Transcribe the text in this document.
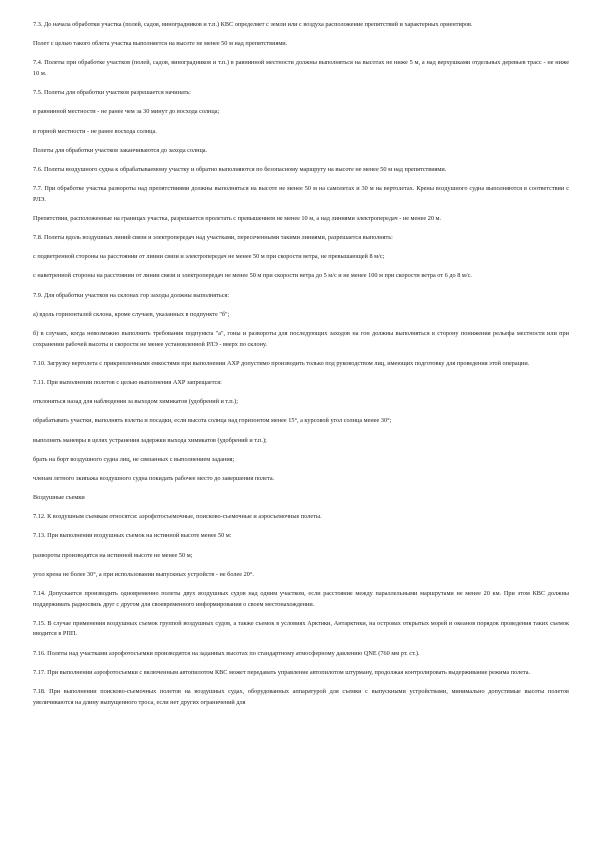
7.3. До начала обработки участка (полей, садов, виноградников и т.п.) КВС определяет с земли или с воздуха расположение препятствий и характерных ориентиров.

Полет с целью такого облета участка выполняется на высоте не менее 50 м над препятствиями.

7.4. Полеты при обработке участков (полей, садов, виноградников и т.п.) в равнинной местности должны выполняться на высотах не ниже 5 м, а над верхушками отдельных деревьев трасс - не ниже 10 м.

7.5. Полеты для обработки участков разрешается начинать:

в равнинной местности - не ранее чем за 30 минут до восхода солнца;

в горной местности - не ранее восхода солнца.

Полеты для обработки участков заканчиваются до захода солнца.

7.6. Полеты воздушного судна к обрабатываемому участку и обратно выполняются по безопасному маршруту на высоте не менее 50 м над препятствиями.

7.7. При обработке участка развороты над препятствиями должны выполняться на высоте не менее 50 м на самолетах и 30 м на вертолетах. Крены воздушного судна выполняются в соответствии с РЛЭ.

Препятствия, расположенные на границах участка, разрешается пролетать с превышением не менее 10 м, а над линиями электропередач - не менее 20 м.

7.8. Полеты вдоль воздушных линий связи и электропередач над участками, пересеченными такими линиями, разрешается выполнять:

с подветренной стороны на расстоянии от линии связи и электропередач не менее 50 м при скорости ветра, не превышающей 8 м/с;

с наветренной стороны на расстоянии от линии связи и электропередач не менее 50 м при скорости ветра до 5 м/с и не менее 100 м при скорости ветра от 6 до 8 м/с.

7.9. Для обработки участков на склонах гор заходы должны выполняться:

а) вдоль горизонталей склона, кроме случаев, указанных в подпункте "б";

б) в случаях, когда невозможно выполнить требования подпункта "а", гоны и развороты для последующих заходов на гон должны выполняться в сторону понижения рельефа местности или при сохранении рабочей высоты и скорости не менее установленной РЛЭ - вверх по склону.

7.10. Загрузку вертолета с прикрепленными емкостями при выполнении АХР допустимо производить только под руководством лиц, имеющих подготовку для проведения этой операции.

7.11. При выполнении полетов с целью выполнения АХР запрещается:

отклоняться назад для наблюдения за выходом химикатов (удобрений и т.п.);

обрабатывать участки, выполнять взлеты и посадки, если высота солнца над горизонтом менее 15°, а курсовой угол солнца менее 30°;

выполнять маневры в целях устранения задержки выхода химикатов (удобрений и т.п.);

брать на борт воздушного судна лиц, не связанных с выполнением задания;

членам летного экипажа воздушного судна покидать рабочее место до завершения полета.

Воздушные съемки

7.12. К воздушным съемкам относятся: аэрофотосъемочные, поисково-съемочные и аэросъемочные полеты.

7.13. При выполнении воздушных съемок на истинной высоте менее 50 м:

развороты производятся на истинной высоте не менее 50 м;

угол крена не более 30°, а при использовании выпускных устройств - не более 20°.

7.14. Допускается производить одновременно полеты двух воздушных судов над одним участком, если расстояние между параллельными маршрутами не менее 20 км. При этом КВС должны поддерживать радиосвязь друг с другом для своевременного информирования о своем местонахождении.

7.15. В случае применения воздушных съемок группой воздушных судов, а также съемок в условиях Арктики, Антарктики, на островах открытых морей и океанов порядок проведения таких съемок вводится в РПП.

7.16. Полеты над участками аэрофотосъемки производятся на заданных высотах по стандартному атмосферному давлению QNE (760 мм рт. ст.).

7.17. При выполнении аэрофотосъемки с включенным автопилотом КВС может передавать управление автопилотом штурману, продолжая контролировать выдерживание режима полета.

7.18. При выполнении поисково-съемочных полетов на воздушных судах, оборудованных аппаратурой для съемки с выпускными устройствами, минимально допустимые высоты полетов увеличиваются на длину выпущенного троса, если нет других ограничений для
